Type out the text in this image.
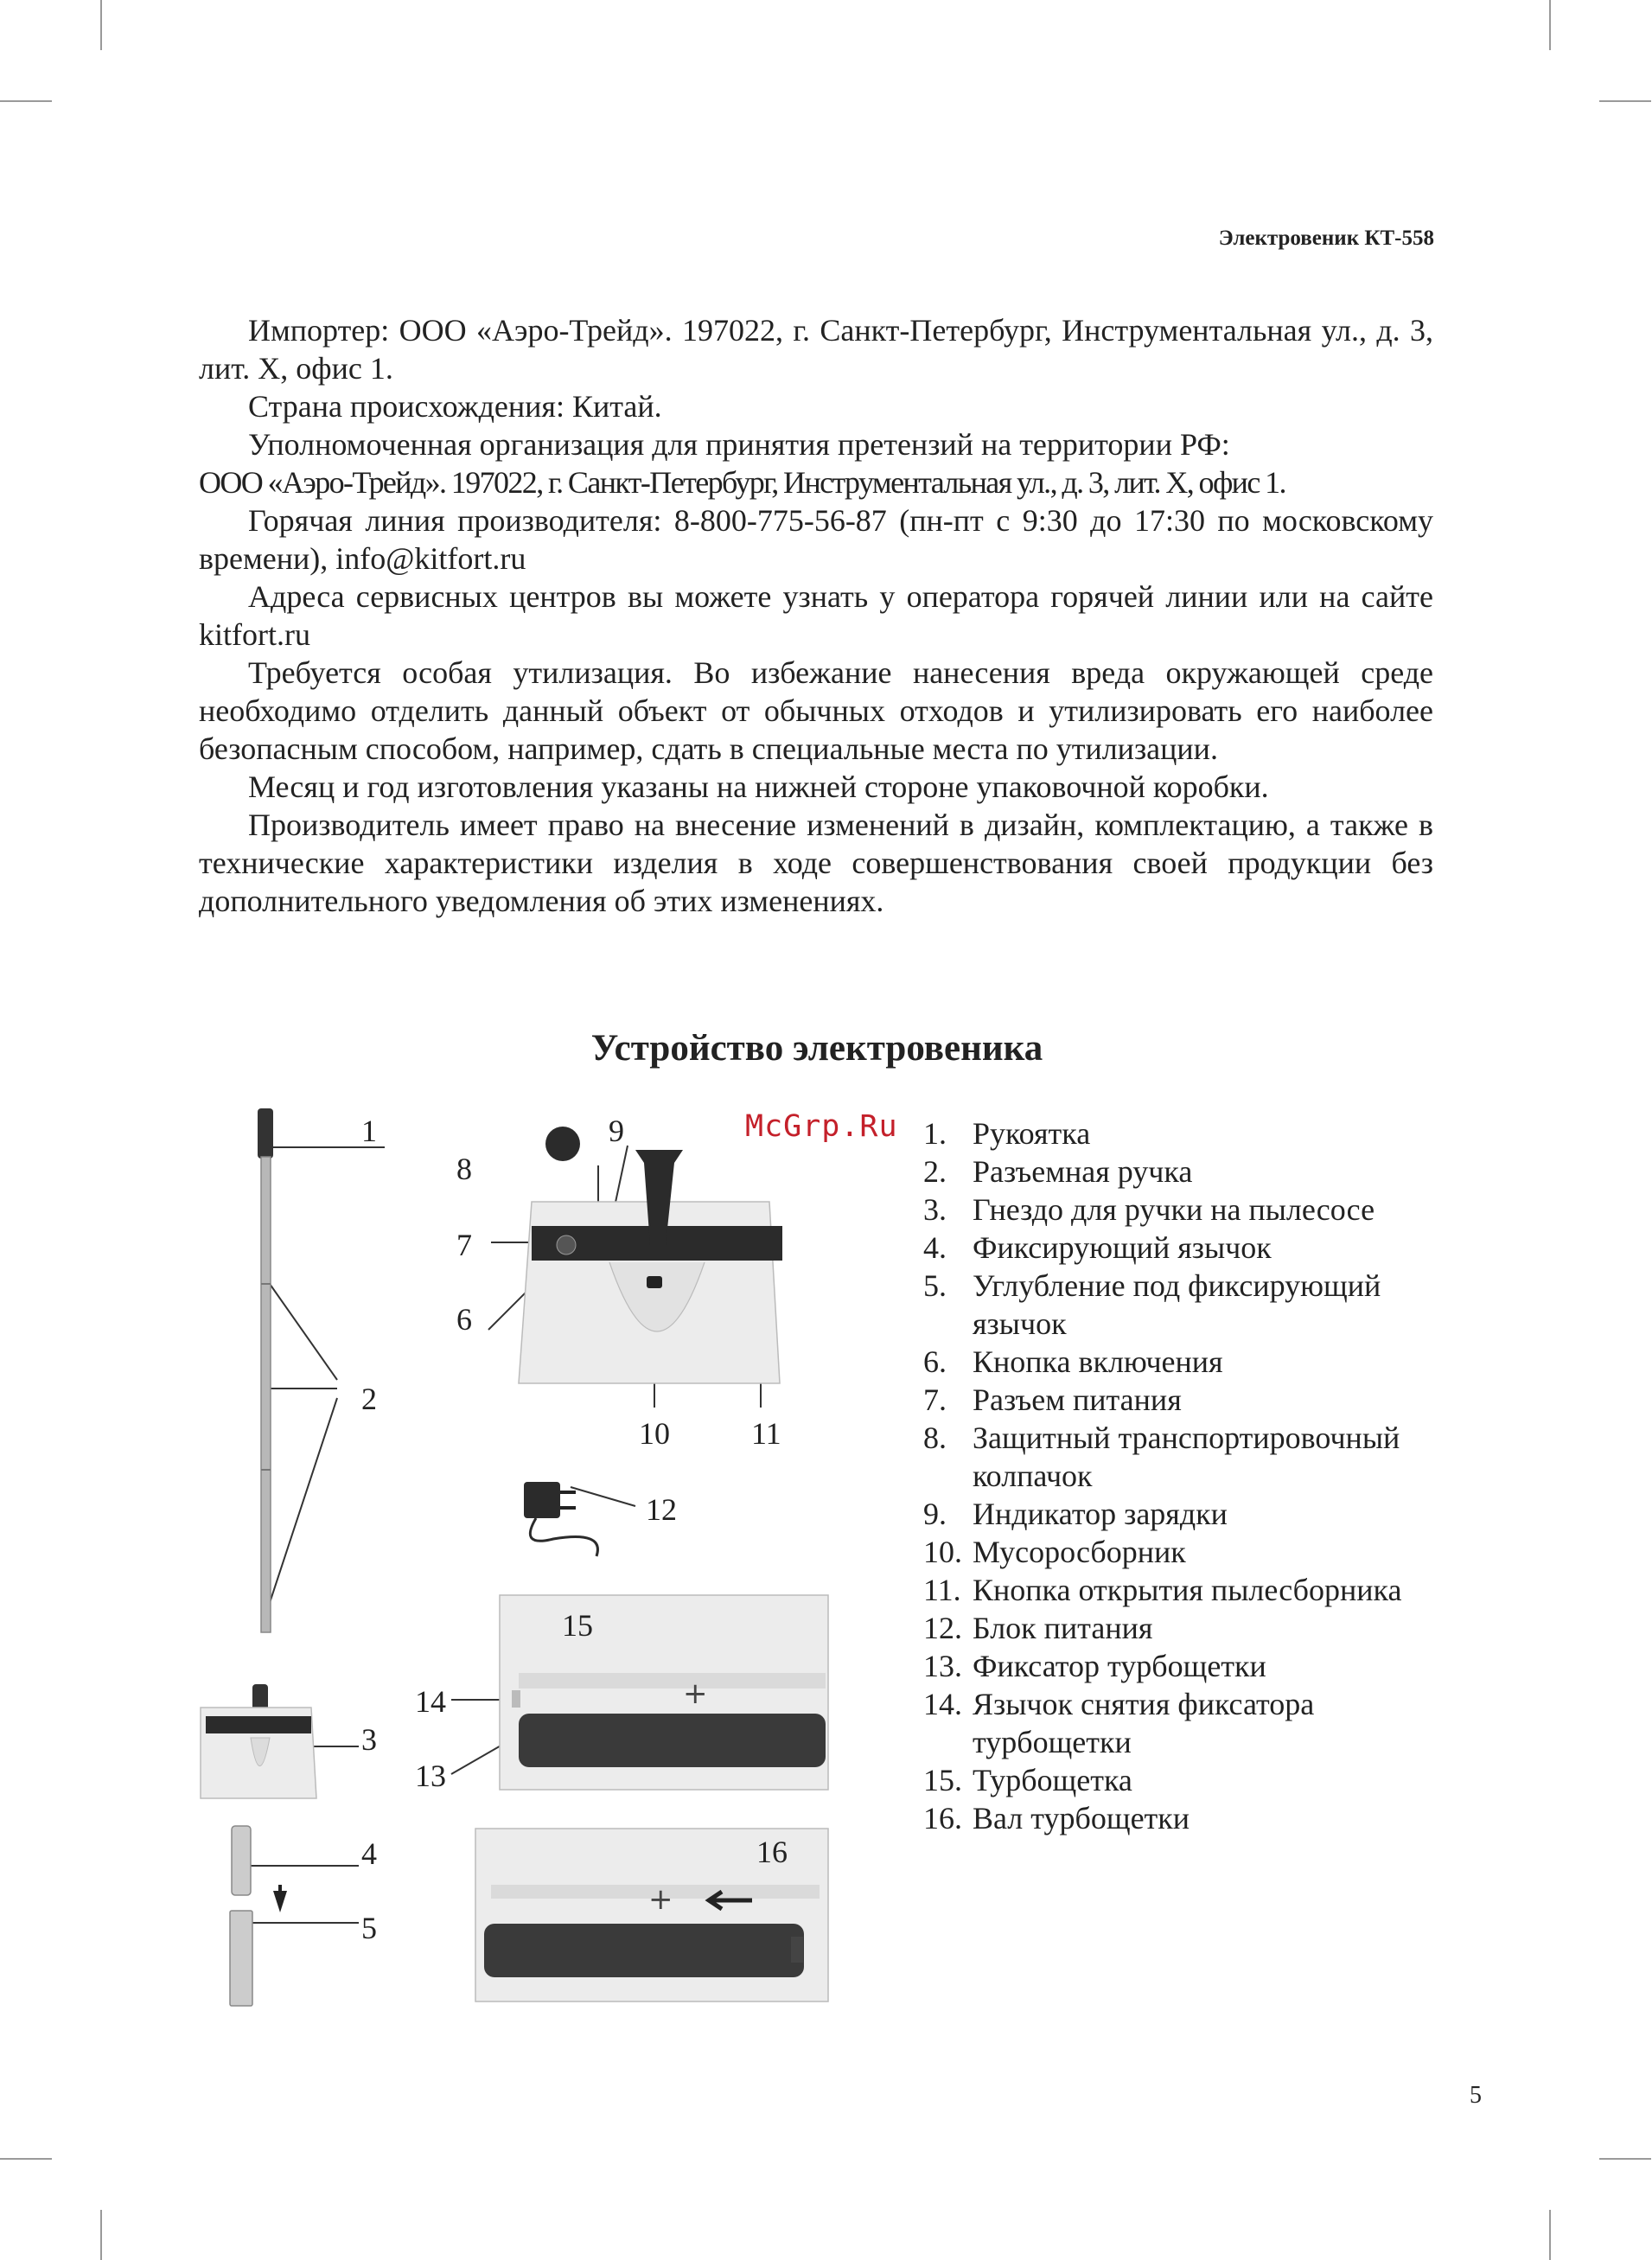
Электровеник КТ-558

Импортер: ООО «Аэро-Трейд». 197022, г. Санкт-Петербург, Инструментальная ул., д. 3, лит. Х, офис 1.

Страна происхождения: Китай.

Уполномоченная организация для принятия претензий на территории РФ:

ООО «Аэро-Трейд». 197022, г. Санкт-Петербург, Инструментальная ул., д. 3, лит. Х, офис 1.

Горячая линия производителя: 8-800-775-56-87 (пн-пт с 9:30 до 17:30 по московскому времени), info@kitfort.ru

Адреса сервисных центров вы можете узнать у оператора горячей линии или на сайте kitfort.ru

Требуется особая утилизация. Во избежание нанесения вреда окружающей среде необходимо отделить данный объект от обычных отходов и утилизировать его наиболее безопасным способом, например, сдать в специальные места по утилизации.

Месяц и год изготовления указаны на нижней стороне упаковочной коробки.

Производитель имеет право на внесение изменений в дизайн, комплектацию, а также в технические характеристики изделия в ходе совершенствования своей продукции без дополнительного уведомления об этих изменениях.

Устройство электровеника
+
+
1
2
3
4
5
6
7
8
9
10	11
12
13
14
15
16
McGrp.Ru 1. Рукоятка
2. Разъемная ручка
3. Гнездо для ручки на пылесосе
4. Фиксирующий язычок
5. Углубление под фиксирующий язычок
6. Кнопка включения
7. Разъем питания
8. Защитный транспортировочный колпачок
9. Индикатор зарядки
10. Мусоросборник
11. Кнопка открытия пылесборника
12. Блок питания
13. Фиксатор турбощетки
14. Язычок снятия фиксатора турбощетки
15. Турбощетка
16. Вал турбощетки
5
